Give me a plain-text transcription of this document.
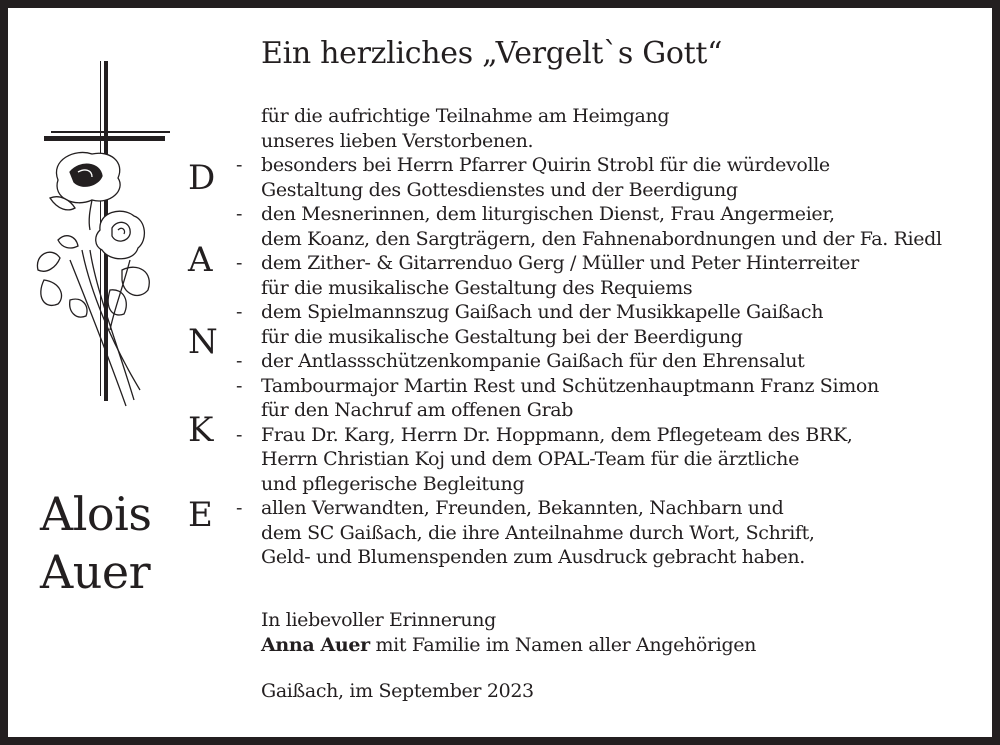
Ein herzliches „Vergelt`s Gott“
D
A
N
K
E
Alois
Auer
für die aufrichtige Teilnahme am Heimgang
unseres lieben Verstorbenen.
- besonders bei Herrn Pfarrer Quirin Strobl für die würdevolle
Gestaltung des Gottesdienstes und der Beerdigung
- den Mesnerinnen, dem liturgischen Dienst, Frau Angermeier,
dem Koanz, den Sargträgern, den Fahnenabordnungen und der Fa. Riedl
- dem Zither- & Gitarrenduo Gerg / Müller und Peter Hinterreiter
für die musikalische Gestaltung des Requiems
- dem Spielmannszug Gaißach und der Musikkapelle Gaißach
für die musikalische Gestaltung bei der Beerdigung
- der Antlassschützenkompanie Gaißach für den Ehrensalut
- Tambourmajor Martin Rest und Schützenhauptmann Franz Simon
für den Nachruf am offenen Grab
- Frau Dr. Karg, Herrn Dr. Hoppmann, dem Pflegeteam des BRK,
Herrn Christian Koj und dem OPAL-Team für die ärztliche
und pflegerische Begleitung
- allen Verwandten, Freunden, Bekannten, Nachbarn und
dem SC Gaißach, die ihre Anteilnahme durch Wort, Schrift,
Geld- und Blumenspenden zum Ausdruck gebracht haben.
In liebevoller Erinnerung
Anna Auer mit Familie im Namen aller Angehörigen
Gaißach, im September 2023
